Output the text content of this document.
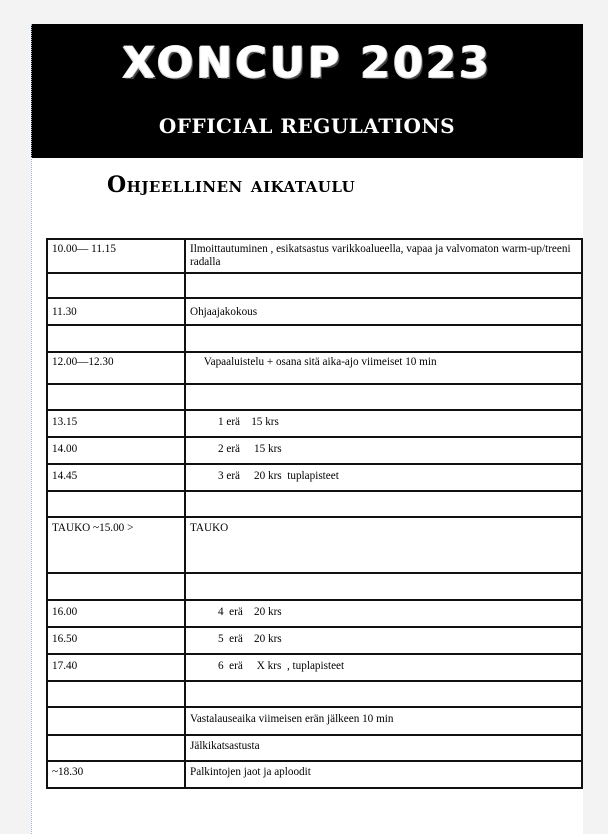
XONCUP 2023
OFFICIAL REGULATIONS
Ohjeellinen aikataulu
10.00— 11.15	Ilmoittautuminen , esikatsastus varikkoalueella, vapaa ja valvomaton warm-up/treeni radalla

11.30	Ohjaajakokous

12.00—12.30	Vapaaluistelu + osana sitä aika-ajo viimeiset 10 min

13.15	1 erä    15 krs
14.00	2 erä     15 krs
14.45	3 erä     20 krs  tuplapisteet

TAUKO ~15.00 >	TAUKO

16.00	4  erä    20 krs
16.50	5  erä    20 krs
17.40	6  erä     X krs  , tuplapisteet

	Vastalauseaika viimeisen erän jälkeen 10 min
	Jälkikatsastusta
~18.30	Palkintojen jaot ja aploodit
